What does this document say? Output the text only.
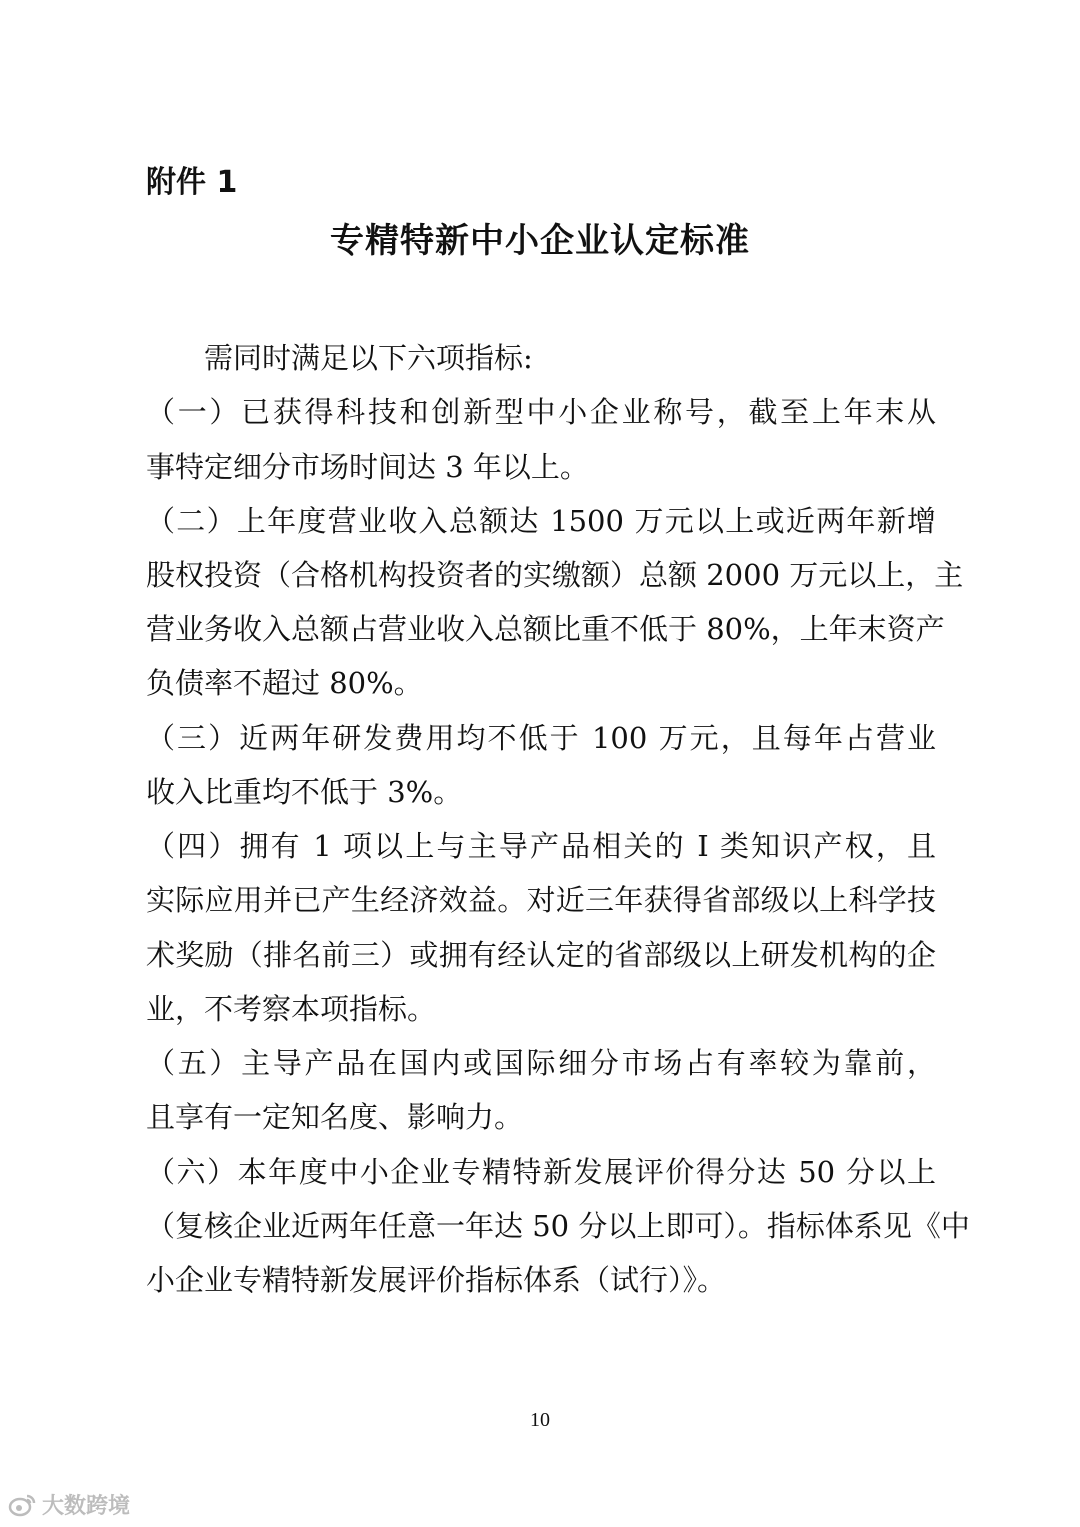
附件 1
专精特新中小企业认定标准
需同时满足以下六项指标:
（一）已获得科技和创新型中小企业称号，截至上年末从
事特定细分市场时间达 3 年以上。
（二）上年度营业收入总额达 1500 万元以上或近两年新增
股权投资（合格机构投资者的实缴额）总额 2000 万元以上，主
营业务收入总额占营业收入总额比重不低于 80%，上年末资产
负债率不超过 80%。
（三）近两年研发费用均不低于 100 万元，且每年占营业
收入比重均不低于 3%。
（四）拥有 1 项以上与主导产品相关的 I 类知识产权，且
实际应用并已产生经济效益。对近三年获得省部级以上科学技
术奖励（排名前三）或拥有经认定的省部级以上研发机构的企
业，不考察本项指标。
（五）主导产品在国内或国际细分市场占有率较为靠前，
且享有一定知名度、影响力。
（六）本年度中小企业专精特新发展评价得分达 50 分以上
（复核企业近两年任意一年达 50 分以上即可）。指标体系见《中
小企业专精特新发展评价指标体系（试行）》。
10
大数跨境
